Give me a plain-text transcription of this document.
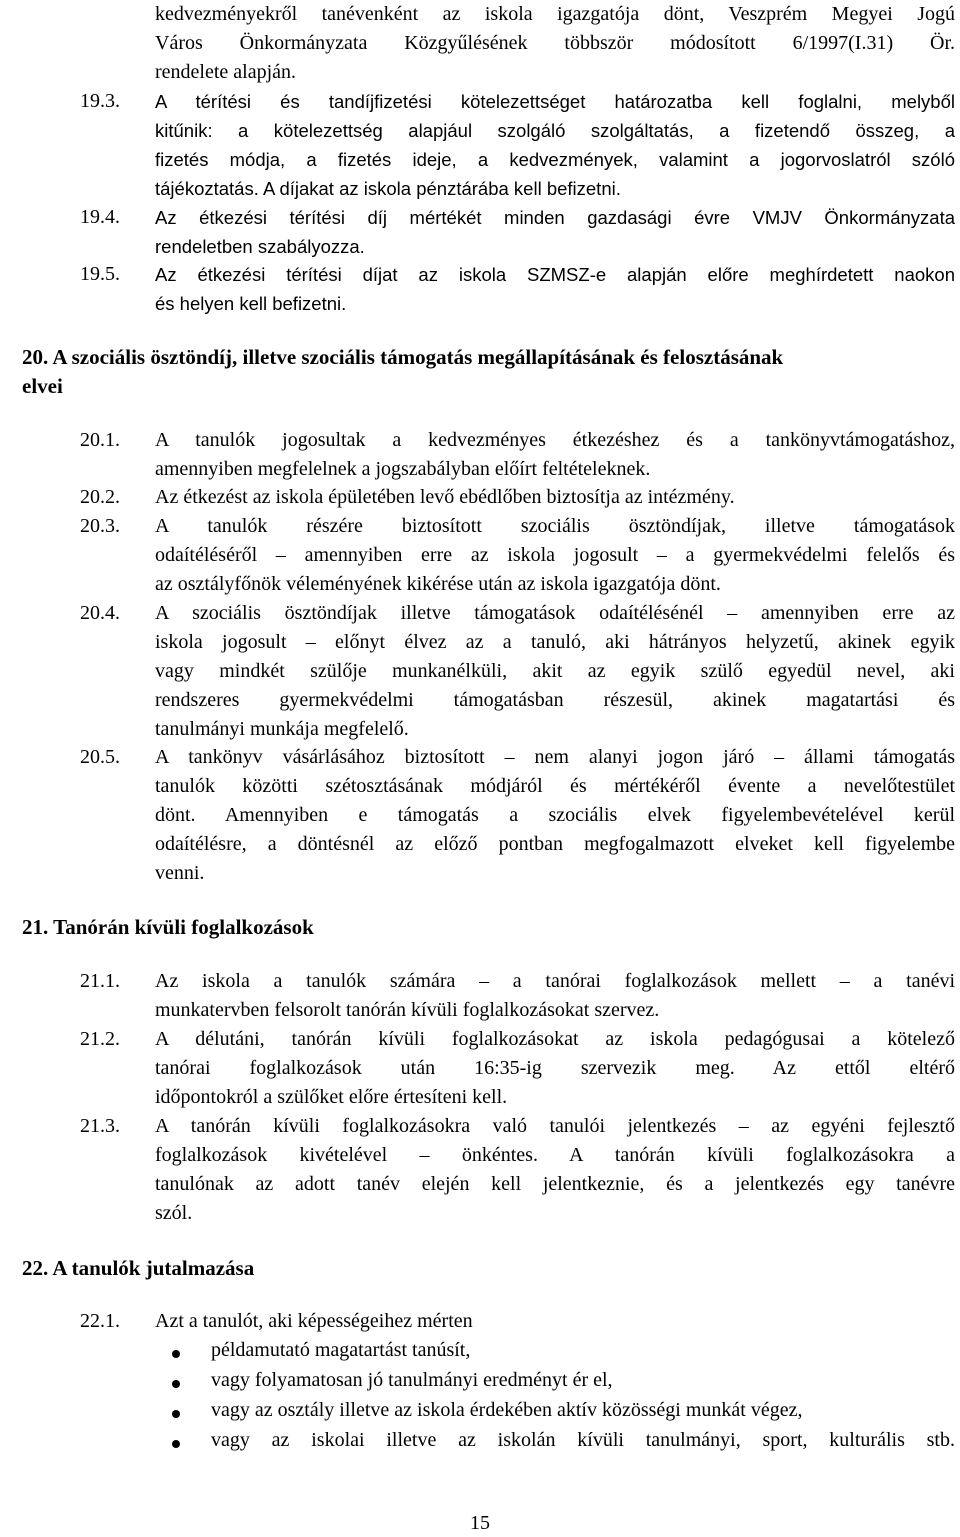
kedvezményekről tanévenként az iskola igazgatója dönt, Veszprém Megyei Jogú
Város Önkormányzata Közgyűlésének többször módosított 6/1997(I.31) Ör.
rendelete alapján.
19.3. A térítési és tandíjfizetési kötelezettséget határozatba kell foglalni, melyből
kitűnik: a kötelezettség alapjául szolgáló szolgáltatás, a fizetendő összeg, a
fizetés módja, a fizetés ideje, a kedvezmények, valamint a jogorvoslatról szóló
tájékoztatás. A díjakat az iskola pénztárába kell befizetni.
19.4. Az étkezési térítési díj mértékét minden gazdasági évre VMJV Önkormányzata
rendeletben szabályozza.
19.5. Az étkezési térítési díjat az iskola SZMSZ-e alapján előre meghírdetett naokon
és helyen kell befizetni.
20. A szociális ösztöndíj, illetve szociális támogatás megállapításának és felosztásának
elvei
20.1. A tanulók jogosultak a kedvezményes étkezéshez és a tankönyvtámogatáshoz,
amennyiben megfelelnek a jogszabályban előírt feltételeknek.
20.2. Az étkezést az iskola épületében levő ebédlőben biztosítja az intézmény.
20.3. A tanulók részére biztosított szociális ösztöndíjak, illetve támogatások
odaítéléséről – amennyiben erre az iskola jogosult – a gyermekvédelmi felelős és
az osztályfőnök véleményének kikérése után az iskola igazgatója dönt.
20.4. A szociális ösztöndíjak illetve támogatások odaítélésénél – amennyiben erre az
iskola jogosult – előnyt élvez az a tanuló, aki hátrányos helyzetű, akinek egyik
vagy mindkét szülője munkanélküli, akit az egyik szülő egyedül nevel, aki
rendszeres gyermekvédelmi támogatásban részesül, akinek magatartási és
tanulmányi munkája megfelelő.
20.5. A tankönyv vásárlásához biztosított – nem alanyi jogon járó – állami támogatás
tanulók közötti szétosztásának módjáról és mértékéről évente a nevelőtestület
dönt. Amennyiben e támogatás a szociális elvek figyelembevételével kerül
odaítélésre, a döntésnél az előző pontban megfogalmazott elveket kell figyelembe
venni.
21. Tanórán kívüli foglalkozások
21.1. Az iskola a tanulók számára – a tanórai foglalkozások mellett – a tanévi
munkatervben felsorolt tanórán kívüli foglalkozásokat szervez.
21.2. A délutáni, tanórán kívüli foglalkozásokat az iskola pedagógusai a kötelező
tanórai foglalkozások után 16:35-ig szervezik meg. Az ettől eltérő
időpontokról a szülőket előre értesíteni kell.
21.3. A tanórán kívüli foglalkozásokra való tanulói jelentkezés – az egyéni fejlesztő
foglalkozások kivételével – önkéntes. A tanórán kívüli foglalkozásokra a
tanulónak az adott tanév elején kell jelentkeznie, és a jelentkezés egy tanévre
szól.
22. A tanulók jutalmazása
22.1. Azt a tanulót, aki képességeihez mérten
példamutató magatartást tanúsít,
vagy folyamatosan jó tanulmányi eredményt ér el,
vagy az osztály illetve az iskola érdekében aktív közösségi munkát végez,
vagy az iskolai illetve az iskolán kívüli tanulmányi, sport, kulturális stb.
15
